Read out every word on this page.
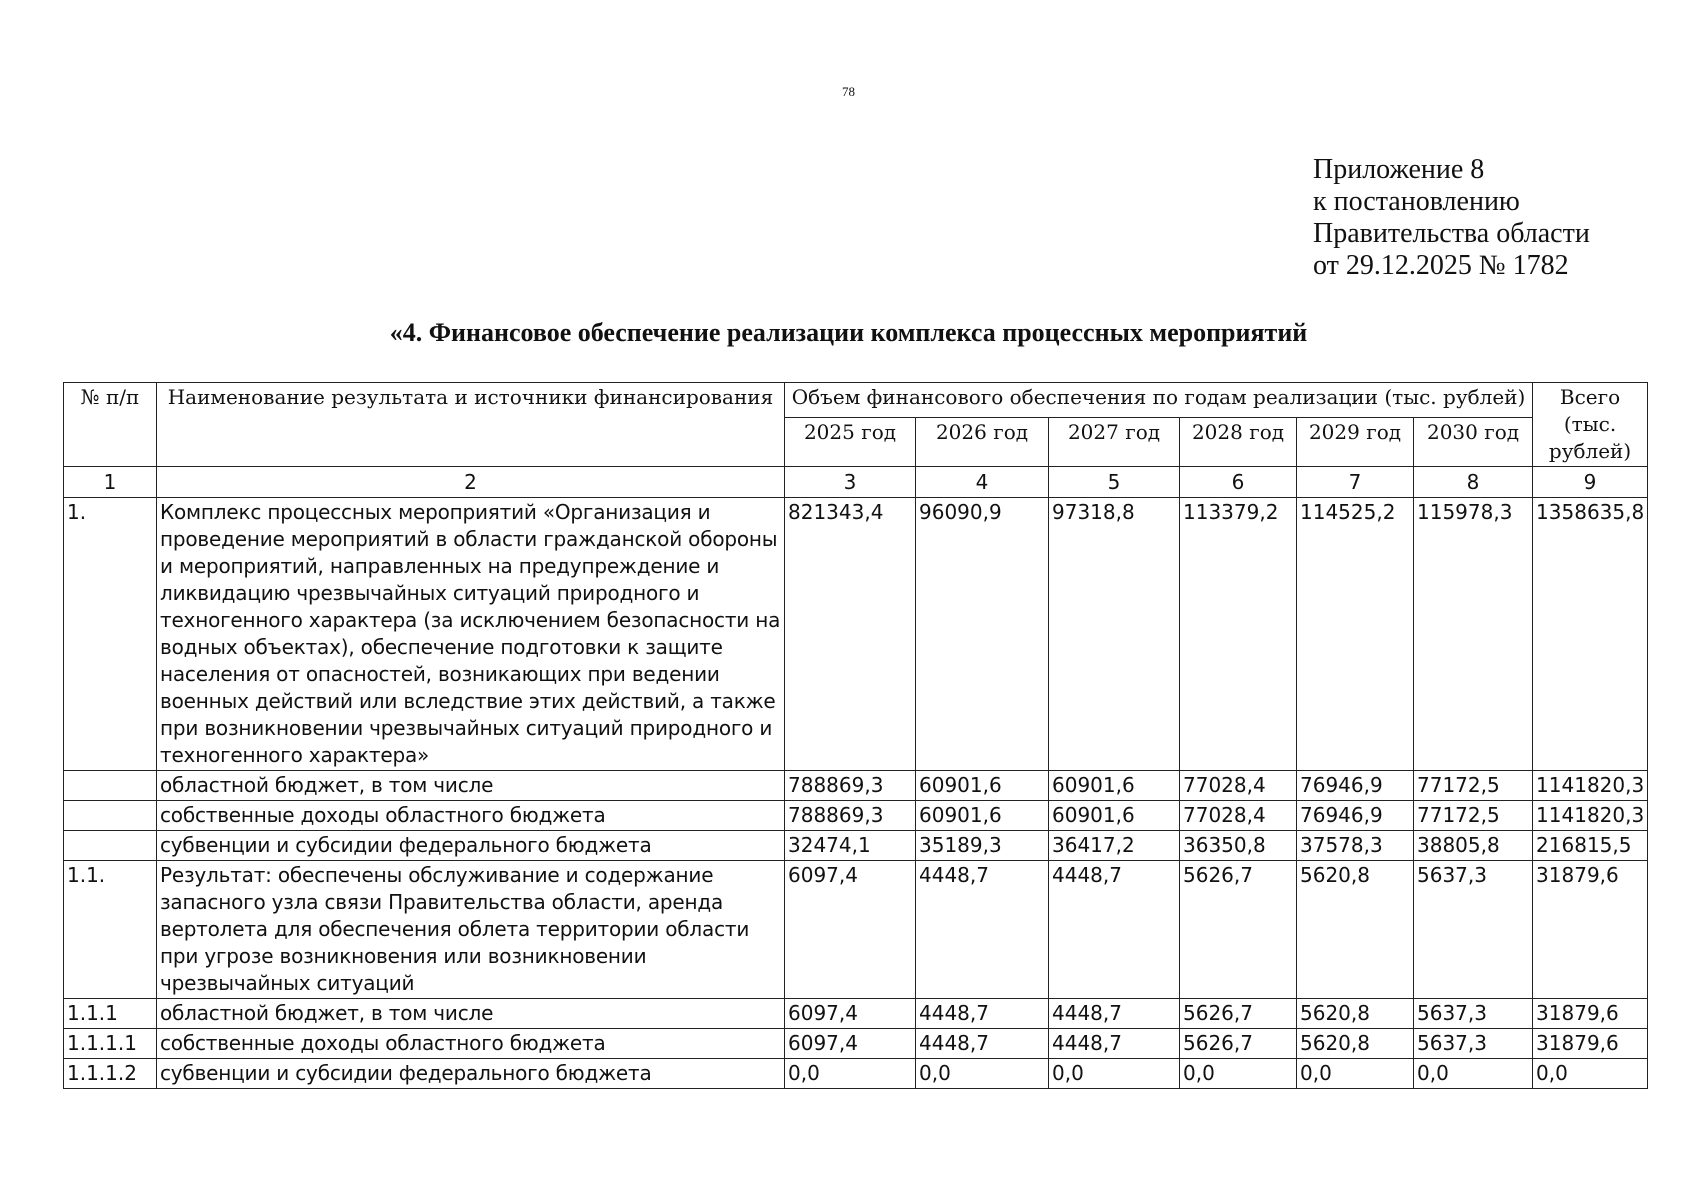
78
Приложение 8
к постановлению
Правительства области
от 29.12.2025 № 1782
«4. Финансовое обеспечение реализации комплекса процессных мероприятий
№ п/п	Наименование результата и источники финансирования	Объем финансового обеспечения по годам реализации (тыс. рублей)						Всего (тыс. рублей)
		2025 год	2026 год	2027 год	2028 год	2029 год	2030 год	
1	2	3	4	5	6	7	8	9
1.	Комплекс процессных мероприятий «Организация и проведение мероприятий в области гражданской обороны и мероприятий, направленных на предупреждение и ликвидацию чрезвычайных ситуаций природного и техногенного характера (за исключением безопасности на водных объектах), обеспечение подготовки к защите населения от опасностей, возникающих при ведении военных действий или вследствие этих действий, а также при возникновении чрезвычайных ситуаций природного и техногенного характера»	821343,4	96090,9	97318,8	113379,2	114525,2	115978,3	1358635,8
	областной бюджет, в том числе	788869,3	60901,6	60901,6	77028,4	76946,9	77172,5	1141820,3
	собственные доходы областного бюджета	788869,3	60901,6	60901,6	77028,4	76946,9	77172,5	1141820,3
	субвенции и субсидии федерального бюджета	32474,1	35189,3	36417,2	36350,8	37578,3	38805,8	216815,5
1.1.	Результат: обеспечены обслуживание и содержание запасного узла связи Правительства области, аренда вертолета для обеспечения облета территории области при угрозе возникновения или возникновении чрезвычайных ситуаций	6097,4	4448,7	4448,7	5626,7	5620,8	5637,3	31879,6
1.1.1	областной бюджет, в том числе	6097,4	4448,7	4448,7	5626,7	5620,8	5637,3	31879,6
1.1.1.1	собственные доходы областного бюджета	6097,4	4448,7	4448,7	5626,7	5620,8	5637,3	31879,6
1.1.1.2	субвенции и субсидии федерального бюджета	0,0	0,0	0,0	0,0	0,0	0,0	0,0
